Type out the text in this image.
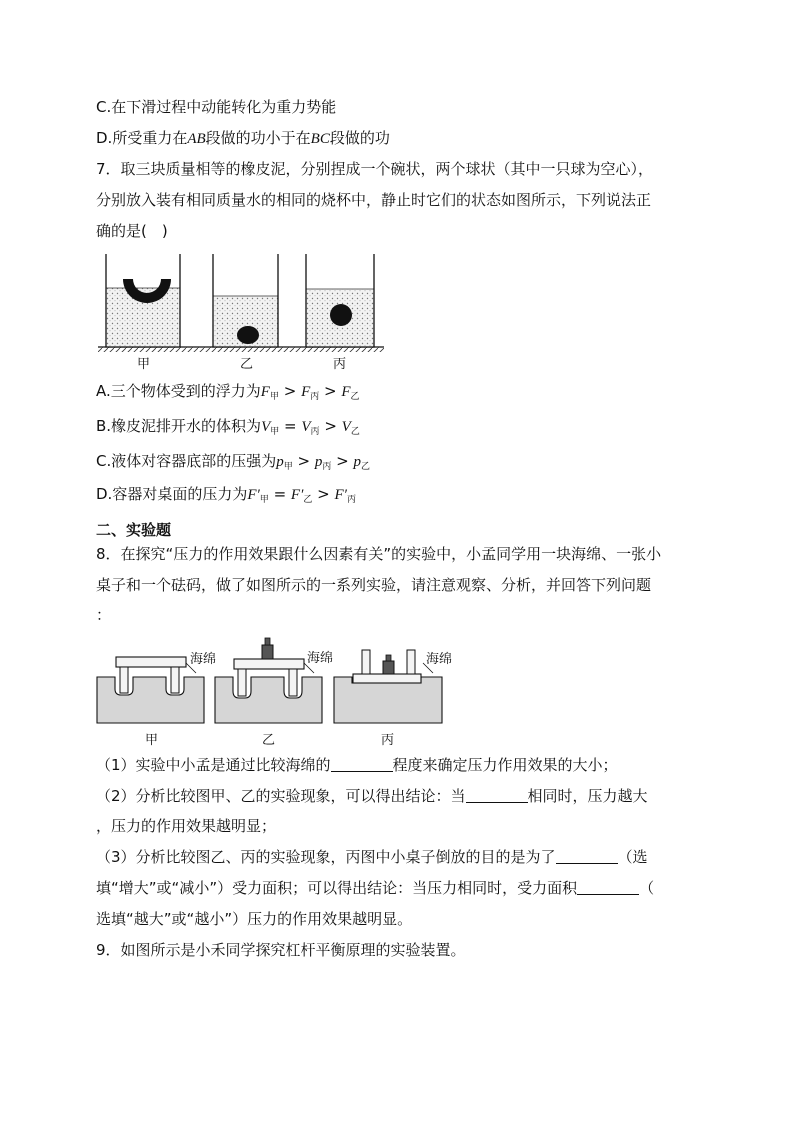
C.在下滑过程中动能转化为重力势能
D.所受重力在AB段做的功小于在BC段做的功
7．取三块质量相等的橡皮泥，分别捏成一个碗状，两个球状（其中一只球为空心），
分别放入装有相同质量水的相同的烧杯中，静止时它们的状态如图所示，下列说法正
确的是(　)
甲	乙	丙
A.三个物体受到的浮力为$F_甲 > F_丙 > F_乙$
B.橡皮泥排开水的体积为$V_甲 = V_丙 > V_乙$
C.液体对容器底部的压强为$p_甲 > p_丙 > p_乙$
D.容器对桌面的压力为$F'_甲 = F'_乙 > F'_丙$
二、实验题
8．在探究“压力的作用效果跟什么因素有关”的实验中，小孟同学用一块海绵、一张小
桌子和一个砝码，做了如图所示的一系列实验，请注意观察、分析，并回答下列问题
：
海绵	海绵	海绵
甲	乙	丙
（1）实验中小孟是通过比较海绵的	程度来确定压力作用效果的大小；
（2）分析比较图甲、乙的实验现象，可以得出结论：当	相同时，压力越大
，压力的作用效果越明显；
（3）分析比较图乙、丙的实验现象，丙图中小桌子倒放的目的是为了	（选
填“增大”或“减小”）受力面积；可以得出结论：当压力相同时，受力面积	（
选填“越大”或“越小”）压力的作用效果越明显。
9．如图所示是小禾同学探究杠杆平衡原理的实验装置。
